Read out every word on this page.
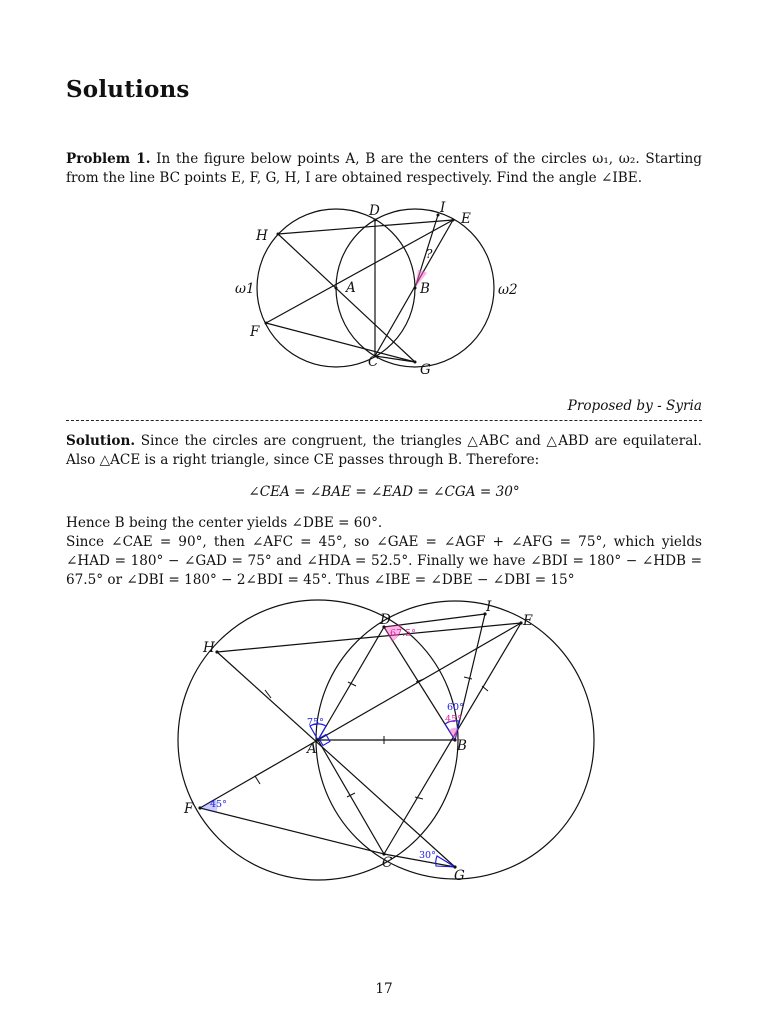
Solutions
Problem 1. In the figure below points A, B are the centers of the circles ω₁, ω₂. Starting from the line BC points E, F, G, H, I are obtained respectively. Find the angle ∠IBE.
D	I
E
H
?
ω1	A	B	ω2
F
C	G
Proposed by - Syria
Solution. Since the circles are congruent, the triangles △ABC and △ABD are equilateral. Also △ACE is a right triangle, since CE passes through B. Therefore:
∠CEA = ∠BAE = ∠EAD = ∠CGA = 30°
Hence B being the center yields ∠DBE = 60°.
Since ∠CAE = 90°, then ∠AFC = 45°, so ∠GAE = ∠AGF + ∠AFG = 75°, which yields ∠HAD = 180° − ∠GAD = 75° and ∠HDA = 52.5°. Finally we have ∠BDI = 180° − ∠HDB = 67.5° or ∠DBI = 180° − 2∠BDI = 45°. Thus ∠IBE = ∠DBE − ∠DBI = 15°
D
I
E
H
A	B
F
C
G
67.5°
75°
60°
45°
45°
30°
17
